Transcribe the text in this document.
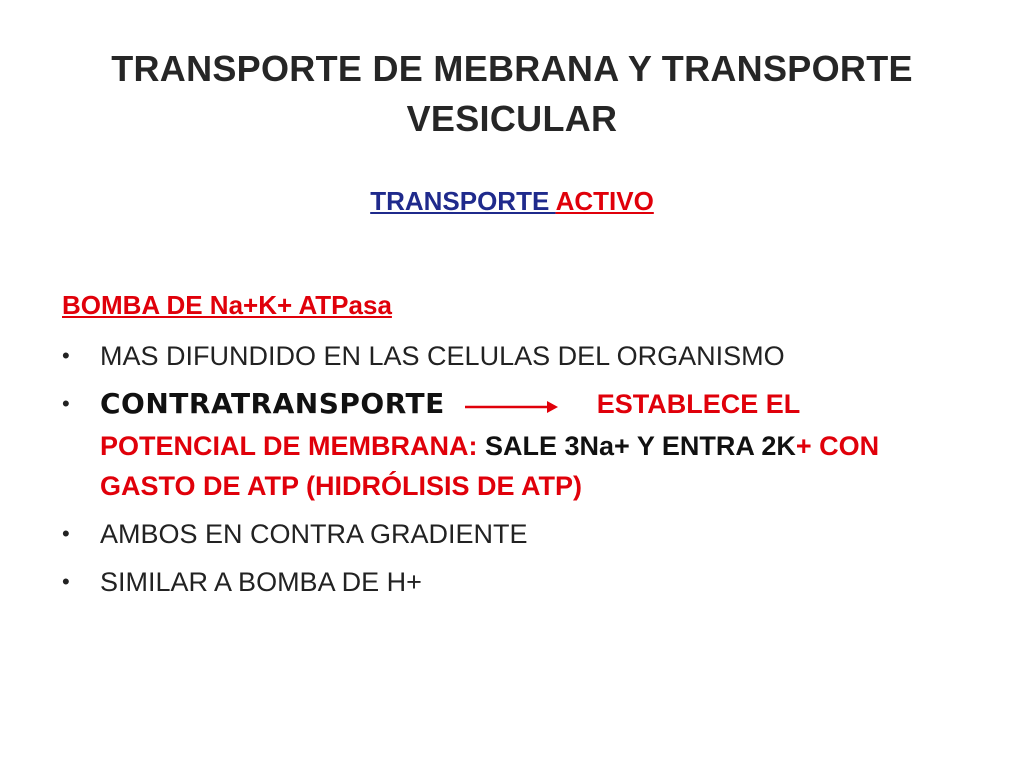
TRANSPORTE DE MEBRANA Y TRANSPORTE VESICULAR
TRANSPORTE ACTIVO
BOMBA DE Na+K+ ATPasa
• MAS DIFUNDIDO EN LAS CELULAS DEL ORGANISMO
• CONTRATRANSPORTE	ESTABLECE EL POTENCIAL DE MEMBRANA: SALE 3Na+ Y ENTRA 2K+ CON GASTO DE ATP (HIDRÓLISIS DE ATP)
• AMBOS EN CONTRA GRADIENTE
• SIMILAR A BOMBA DE H+
